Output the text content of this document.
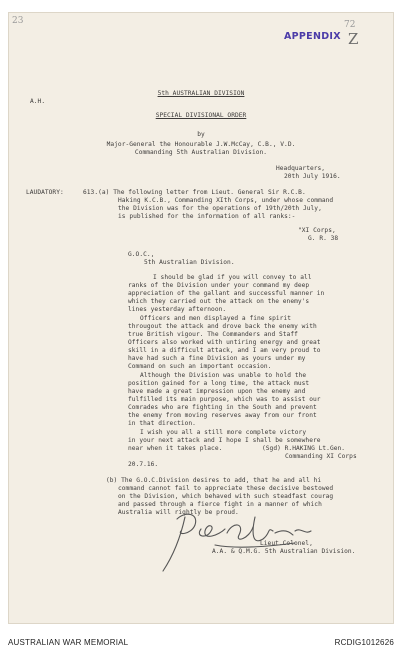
23
APPENDIX
72
Z
A.H.
5th AUSTRALIAN DIVISION
SPECIAL DIVISIONAL ORDER
by
Major-General the Honourable J.W.McCay, C.B., V.D.
Commanding 5th Australian Division.
Headquarters,
20th July 1916.
LAUDATORY:	613.(a) The following letter from Lieut. General Sir R.C.B.
Haking K.C.B., Commanding XIth Corps, under whose command
the Division was for the operations of 19th/20th July,
is published for the information of all ranks:-
"XI Corps,
G. R. 38
G.O.C.,
5th Australian Division.
I should be glad if you will convey to all
ranks of the Division under your command my deep
appreciation of the gallant and successful manner in
which they carried out the attack on the enemy's
lines yesterday afternoon.
Officers and men displayed a fine spirit
througout the attack and drove back the enemy with
true British vigour. The Commanders and Staff
Officers also worked with untiring energy and great
skill in a difficult attack, and I am very proud to
have had such a fine Division as yours under my
Command on such an important occasion.
Although the Division was unable to hold the
position gained for a long time, the attack must
have made a great impression upon the enemy and
fulfilled its main purpose, which was to assist our
Comrades who are fighting in the South and prevent
the enemy from moving reserves away from our front
in that direction.
I wish you all a still more complete victory
in your next attack and I hope I shall be somewhere
near when it takes place.	(Sgd) R.HAKING Lt.Gen.
Commanding XI Corps
20.7.16.
(b) The G.O.C.Division desires to add, that he and all hi
command cannot fail to appreciate these decisive bestowed
on the Division, which behaved with such steadfast courag
and passed through a fierce fight in a manner of which
Australia will rightly be proud.
Lieut.Colonel,
A.A. & Q.M.G. 5th Australian Division.
AUSTRALIAN WAR MEMORIAL	RCDIG1012626
